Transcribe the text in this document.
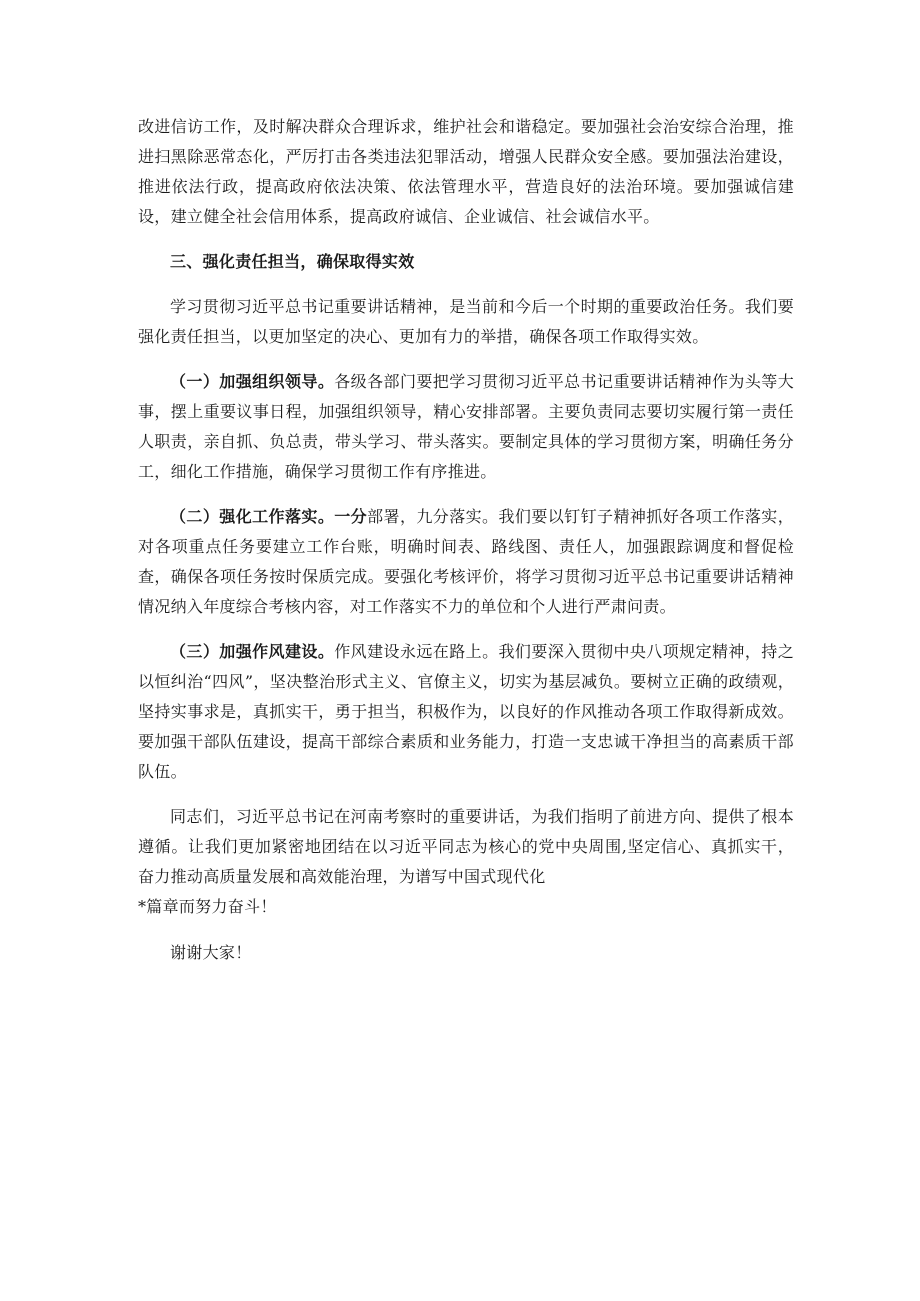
改进信访工作，及时解决群众合理诉求，维护社会和谐稳定。要加强社会治安综合治理，推进扫黑除恶常态化，严厉打击各类违法犯罪活动，增强人民群众安全感。要加强法治建设，推进依法行政，提高政府依法决策、依法管理水平，营造良好的法治环境。要加强诚信建设，建立健全社会信用体系，提高政府诚信、企业诚信、社会诚信水平。

三、强化责任担当，确保取得实效

学习贯彻习近平总书记重要讲话精神，是当前和今后一个时期的重要政治任务。我们要强化责任担当，以更加坚定的决心、更加有力的举措，确保各项工作取得实效。

（一）加强组织领导。各级各部门要把学习贯彻习近平总书记重要讲话精神作为头等大事，摆上重要议事日程，加强组织领导，精心安排部署。主要负责同志要切实履行第一责任人职责，亲自抓、负总责，带头学习、带头落实。要制定具体的学习贯彻方案，明确任务分工，细化工作措施，确保学习贯彻工作有序推进。

（二）强化工作落实。一分部署，九分落实。我们要以钉钉子精神抓好各项工作落实，对各项重点任务要建立工作台账，明确时间表、路线图、责任人，加强跟踪调度和督促检查，确保各项任务按时保质完成。要强化考核评价，将学习贯彻习近平总书记重要讲话精神情况纳入年度综合考核内容，对工作落实不力的单位和个人进行严肃问责。

（三）加强作风建设。作风建设永远在路上。我们要深入贯彻中央八项规定精神，持之以恒纠治“四风”，坚决整治形式主义、官僚主义，切实为基层减负。要树立正确的政绩观，坚持实事求是，真抓实干，勇于担当，积极作为，以良好的作风推动各项工作取得新成效。要加强干部队伍建设，提高干部综合素质和业务能力，打造一支忠诚干净担当的高素质干部队伍。

同志们，习近平总书记在河南考察时的重要讲话，为我们指明了前进方向、提供了根本遵循。让我们更加紧密地团结在以习近平同志为核心的党中央周围,坚定信心、真抓实干，奋力推动高质量发展和高效能治理，为谱写中国式现代化

*篇章而努力奋斗！

谢谢大家！
